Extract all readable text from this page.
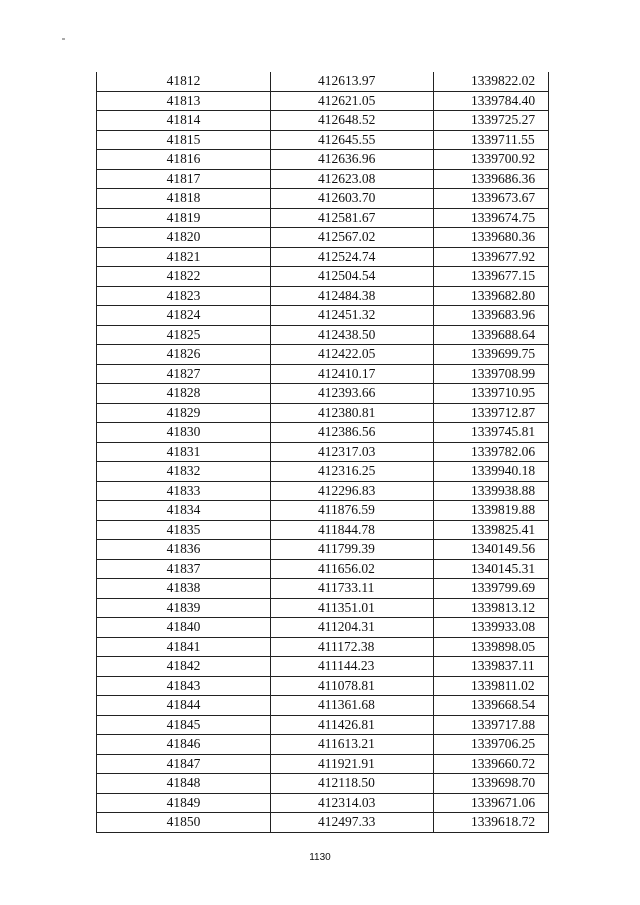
41812	412613.97	1339822.02
41813	412621.05	1339784.40
41814	412648.52	1339725.27
41815	412645.55	1339711.55
41816	412636.96	1339700.92
41817	412623.08	1339686.36
41818	412603.70	1339673.67
41819	412581.67	1339674.75
41820	412567.02	1339680.36
41821	412524.74	1339677.92
41822	412504.54	1339677.15
41823	412484.38	1339682.80
41824	412451.32	1339683.96
41825	412438.50	1339688.64
41826	412422.05	1339699.75
41827	412410.17	1339708.99
41828	412393.66	1339710.95
41829	412380.81	1339712.87
41830	412386.56	1339745.81
41831	412317.03	1339782.06
41832	412316.25	1339940.18
41833	412296.83	1339938.88
41834	411876.59	1339819.88
41835	411844.78	1339825.41
41836	411799.39	1340149.56
41837	411656.02	1340145.31
41838	411733.11	1339799.69
41839	411351.01	1339813.12
41840	411204.31	1339933.08
41841	411172.38	1339898.05
41842	411144.23	1339837.11
41843	411078.81	1339811.02
41844	411361.68	1339668.54
41845	411426.81	1339717.88
41846	411613.21	1339706.25
41847	411921.91	1339660.72
41848	412118.50	1339698.70
41849	412314.03	1339671.06
41850	412497.33	1339618.72
1130
